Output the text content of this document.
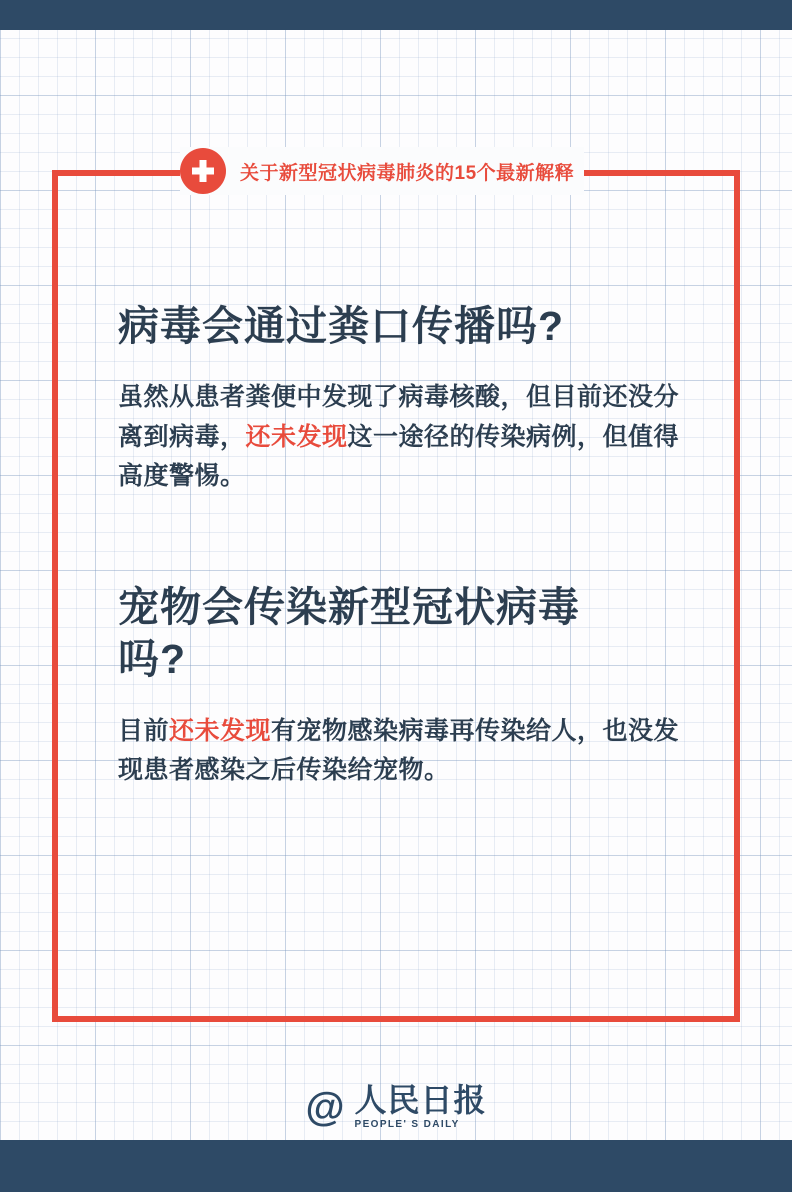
关于新型冠状病毒肺炎的15个最新解释
病毒会通过粪口传播吗?

虽然从患者粪便中发现了病毒核酸，但目前还没分离到病毒，还未发现这一途径的传染病例，但值得高度警惕。

宠物会传染新型冠状病毒吗?

目前还未发现有宠物感染病毒再传染给人，也没发现患者感染之后传染给宠物。

@ 人民日报
PEOPLE' S DAILY
